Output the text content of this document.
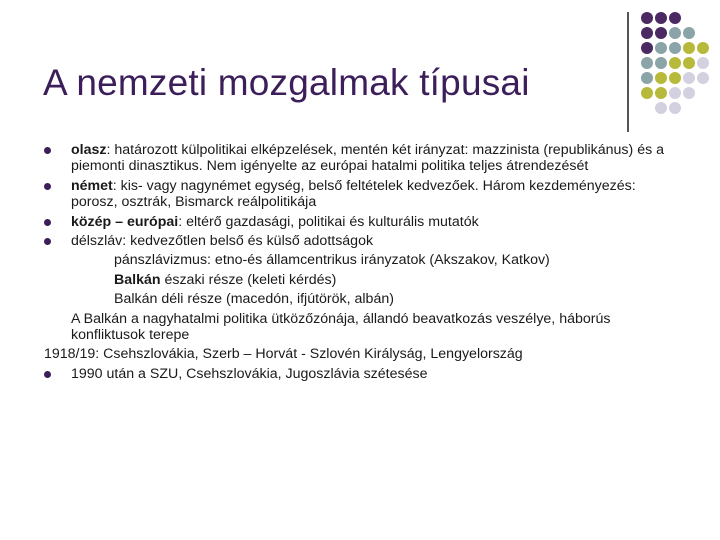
A nemzeti mozgalmak típusai
olasz: határozott külpolitikai elképzelések, mentén két irányzat: mazzinista (republikánus) és a piemonti dinasztikus. Nem igényelte az európai hatalmi politika teljes átrendezését
német: kis- vagy nagynémet egység, belső feltételek kedvezőek. Három kezdeményezés: porosz, osztrák, Bismarck reálpolitikája
közép – európai: eltérő gazdasági, politikai és kulturális mutatók
délszláv: kedvezőtlen belső és külső adottságok
pánszlávizmus: etno-és államcentrikus irányzatok (Akszakov, Katkov)
Balkán északi része (keleti kérdés)
Balkán déli része (macedón, ifjútörök, albán)
A Balkán a nagyhatalmi politika ütközőzónája, állandó beavatkozás veszélye, háborús konfliktusok terepe
1918/19: Csehszlovákia, Szerb – Horvát - Szlovén Királyság, Lengyelország
1990 után a SZU, Csehszlovákia, Jugoszlávia szétesése
